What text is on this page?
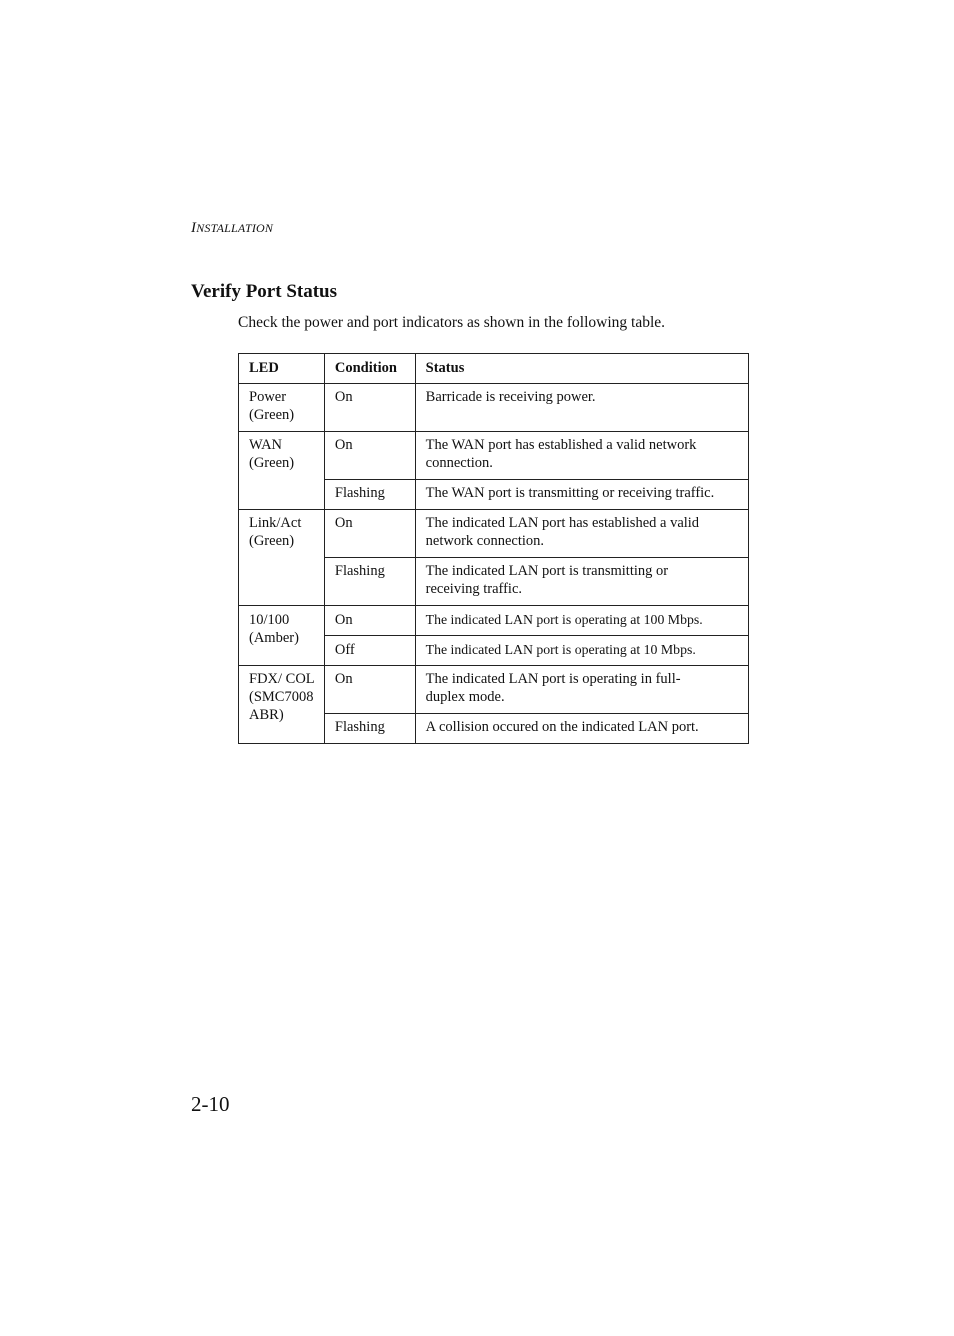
INSTALLATION
Verify Port Status

Check the power and port indicators as shown in the following table.

LED	Condition	Status
Power (Green)	On	Barricade is receiving power.
WAN (Green)	On	The WAN port has established a valid network connection.
	Flashing	The WAN port is transmitting or receiving traffic.
Link/Act (Green)	On	The indicated LAN port has established a valid network connection.
	Flashing	The indicated LAN port is transmitting or receiving traffic.
10/100 (Amber)	On	The indicated LAN port is operating at 100 Mbps.
	Off	The indicated LAN port is operating at 10 Mbps.
FDX/ COL (SMC7008 ABR)	On	The indicated LAN port is operating in full-duplex mode.
	Flashing	A collision occured on the indicated LAN port.
2-10
